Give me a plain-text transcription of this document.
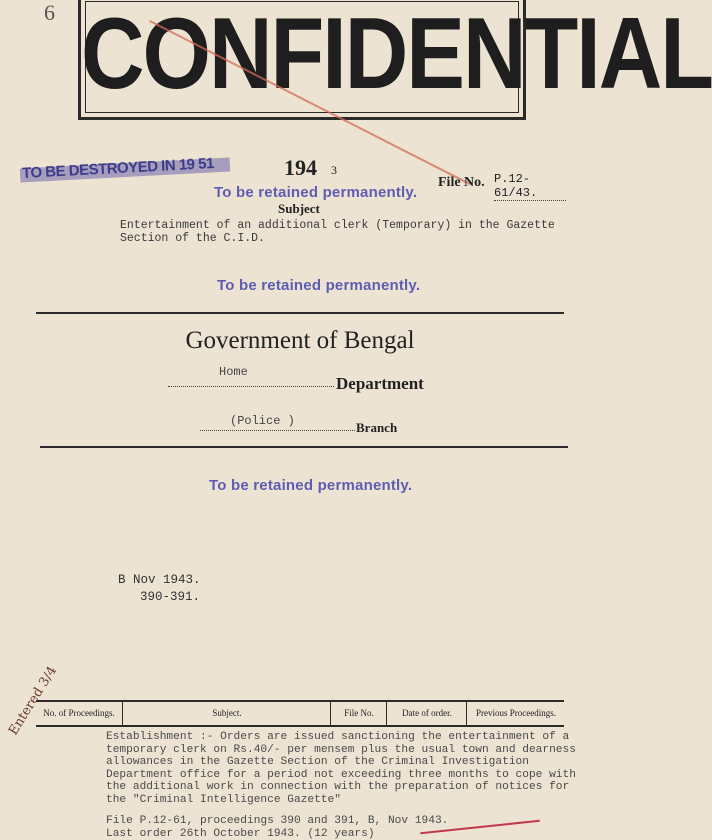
6 CONFIDENTIAL
TO BE DESTROYED IN 19 51	194 3
To be retained permanently.
File No. P.12-61/43.
Subject
Entertainment of an additional clerk (Temporary) in the Gazette Section of the C.I.D.
To be retained permanently.
Government of Bengal
Home
Department
(Police )	Branch
To be retained permanently.
B Nov 1943.
390-391.
No. of Proceedings.	Subject.	File No.	Date of order.	Previous Proceedings.
Establishment :- Orders are issued sanctioning the entertainment of a temporary clerk on Rs.40/- per mensem plus the usual town and dearness allowances in the Gazette Section of the Criminal Investigation Department office for a period not exceeding three months to cope with the additional work in connection with the preparation of notices for the "Criminal Intelligence Gazette"
File P.12-61, proceedings 390 and 391, B, Nov 1943.
Last order 26th October 1943. (12 years)
Entered 3/4
